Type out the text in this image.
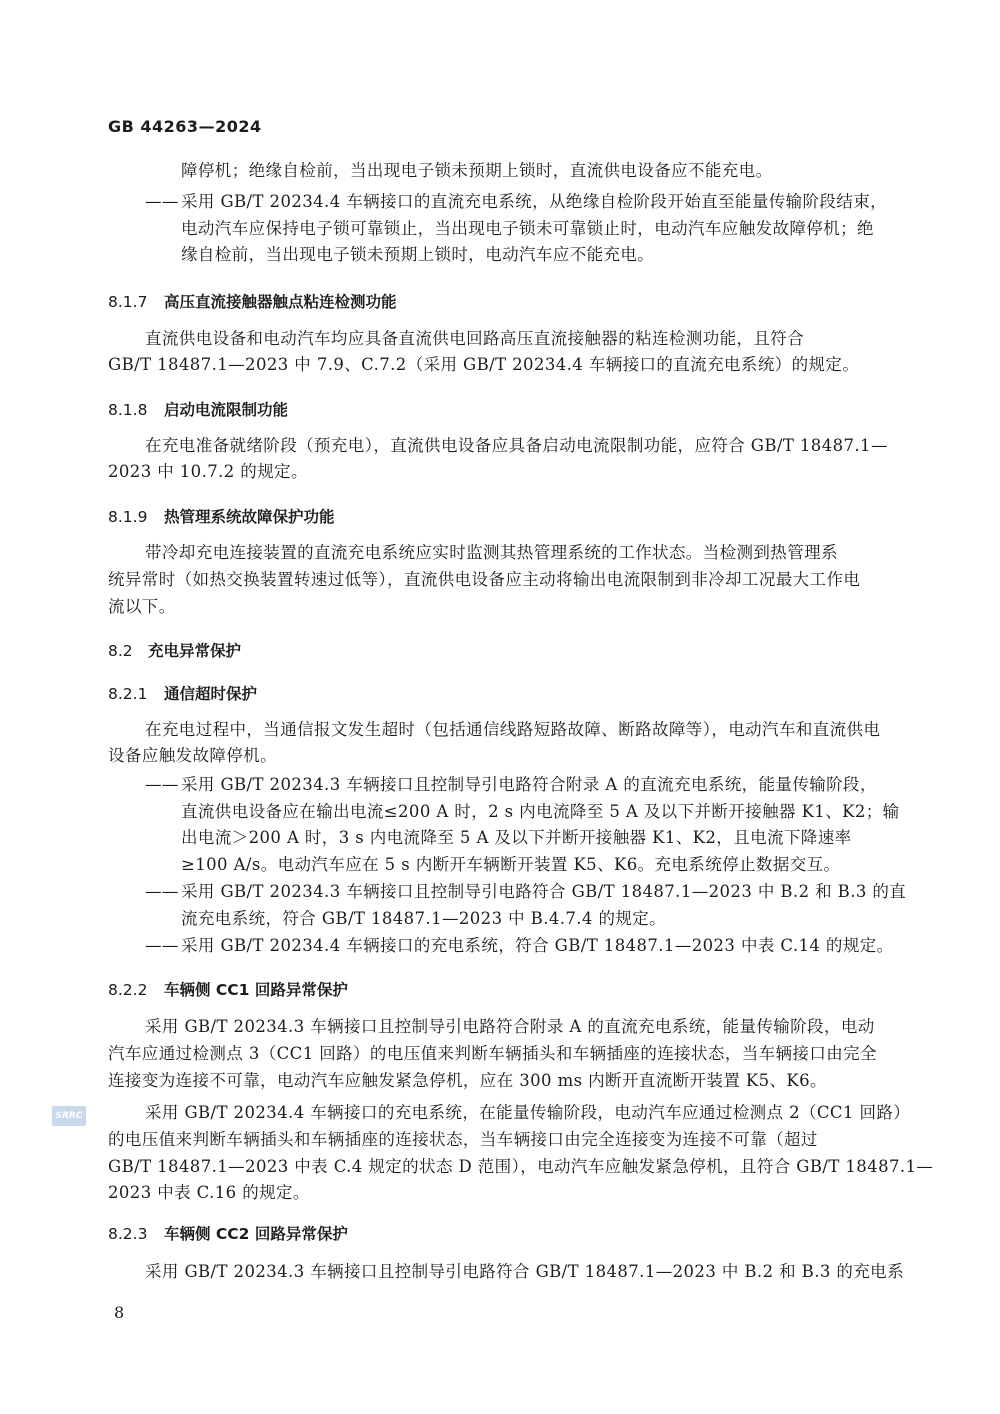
GB 44263—2024
障停机；绝缘自检前，当出现电子锁未预期上锁时，直流供电设备应不能充电。
—— 采用 GB/T 20234.4 车辆接口的直流充电系统，从绝缘自检阶段开始直至能量传输阶段结束，
电动汽车应保持电子锁可靠锁止，当出现电子锁未可靠锁止时，电动汽车应触发故障停机；绝
缘自检前，当出现电子锁未预期上锁时，电动汽车应不能充电。
8.1.7 高压直流接触器触点粘连检测功能
直流供电设备和电动汽车均应具备直流供电回路高压直流接触器的粘连检测功能，且符合
GB/T 18487.1—2023 中 7.9、C.7.2（采用 GB/T 20234.4 车辆接口的直流充电系统）的规定。
8.1.8 启动电流限制功能
在充电准备就绪阶段（预充电），直流供电设备应具备启动电流限制功能，应符合 GB/T 18487.1—
2023 中 10.7.2 的规定。
8.1.9 热管理系统故障保护功能
带冷却充电连接装置的直流充电系统应实时监测其热管理系统的工作状态。当检测到热管理系
统异常时（如热交换装置转速过低等），直流供电设备应主动将输出电流限制到非冷却工况最大工作电
流以下。
8.2 充电异常保护
8.2.1 通信超时保护
在充电过程中，当通信报文发生超时（包括通信线路短路故障、断路故障等），电动汽车和直流供电
设备应触发故障停机。
—— 采用 GB/T 20234.3 车辆接口且控制导引电路符合附录 A 的直流充电系统，能量传输阶段，
直流供电设备应在输出电流≤200 A 时，2 s 内电流降至 5 A 及以下并断开接触器 K1、K2；输
出电流＞200 A 时，3 s 内电流降至 5 A 及以下并断开接触器 K1、K2，且电流下降速率
≥100 A/s。电动汽车应在 5 s 内断开车辆断开装置 K5、K6。充电系统停止数据交互。
—— 采用 GB/T 20234.3 车辆接口且控制导引电路符合 GB/T 18487.1—2023 中 B.2 和 B.3 的直
流充电系统，符合 GB/T 18487.1—2023 中 B.4.7.4 的规定。
—— 采用 GB/T 20234.4 车辆接口的充电系统，符合 GB/T 18487.1—2023 中表 C.14 的规定。
8.2.2 车辆侧 CC1 回路异常保护
采用 GB/T 20234.3 车辆接口且控制导引电路符合附录 A 的直流充电系统，能量传输阶段，电动
汽车应通过检测点 3（CC1 回路）的电压值来判断车辆插头和车辆插座的连接状态，当车辆接口由完全
连接变为连接不可靠，电动汽车应触发紧急停机，应在 300 ms 内断开直流断开装置 K5、K6。
采用 GB/T 20234.4 车辆接口的充电系统，在能量传输阶段，电动汽车应通过检测点 2（CC1 回路）
的电压值来判断车辆插头和车辆插座的连接状态，当车辆接口由完全连接变为连接不可靠（超过
GB/T 18487.1—2023 中表 C.4 规定的状态 D 范围），电动汽车应触发紧急停机，且符合 GB/T 18487.1—
2023 中表 C.16 的规定。
8.2.3 车辆侧 CC2 回路异常保护
采用 GB/T 20234.3 车辆接口且控制导引电路符合 GB/T 18487.1—2023 中 B.2 和 B.3 的充电系
SRRC
8
